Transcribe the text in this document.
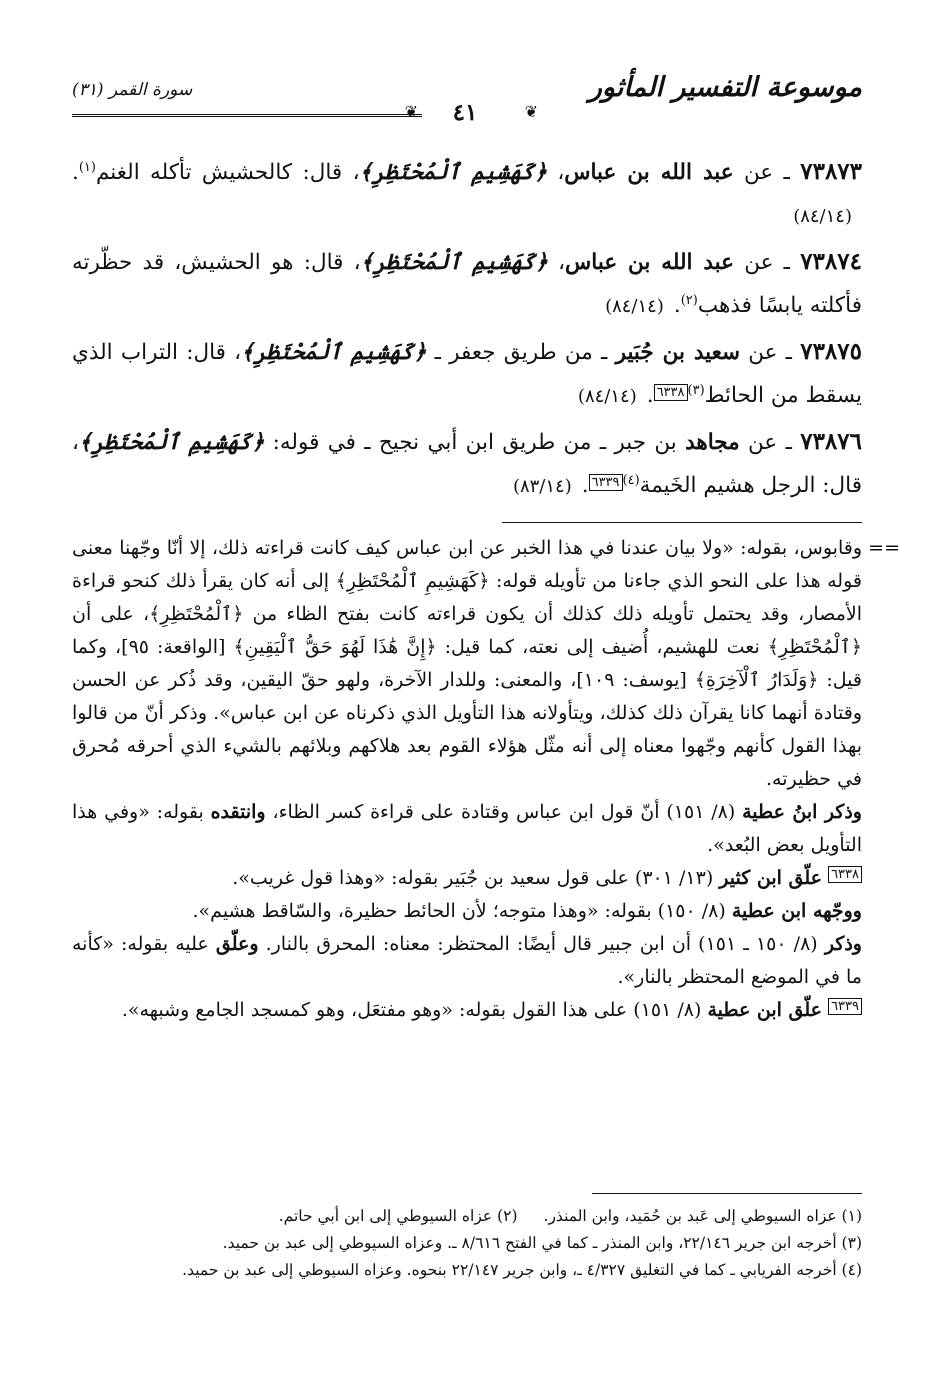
موسوعة التفسير المأثور
❦
٤١
❦
سورة القمر (٣١)

٧٣٨٧٣ ـ عن عبد الله بن عباس، ﴿كَهَشِيمِ ٱلْمُحْتَظِرِ﴾، قال: كالحشيش تأكله الغنم$^{(١)}$.(٨٤/١٤)

٧٣٨٧٤ ـ عن عبد الله بن عباس، ﴿كَهَشِيمِ ٱلْمُحْتَظِرِ﴾، قال: هو الحشيش، قد حظّرته فأكلته يابسًا فذهب$^{(٢)}$.(٨٤/١٤)

٧٣٨٧٥ ـ عن سعيد بن جُبَير ـ من طريق جعفر ـ ﴿كَهَشِيمِ ٱلْمُحْتَظِرِ﴾، قال: التراب الذي يسقط من الحائط$^{(٣)}$٦٣٣٨.(٨٤/١٤)

٧٣٨٧٦ ـ عن مجاهد بن جبر ـ من طريق ابن أبي نجيح ـ في قوله: ﴿كَهَشِيمِ ٱلْمُحْتَظِرِ﴾، قال: الرجل هشيم الخَيمة$^{(٤)}$٦٣٣٩.(٨٣/١٤)

==

وقابوس، بقوله: «ولا بيان عندنا في هذا الخبر عن ابن عباس كيف كانت قراءته ذلك، إلا أنّا وجّهنا معنى قوله هذا على النحو الذي جاءنا من تأويله قوله: ﴿كَهَشِيمِ ٱلْمُحْتَظِرِ﴾ إلى أنه كان يقرأ ذلك كنحو قراءة الأمصار، وقد يحتمل تأويله ذلك كذلك أن يكون قراءته كانت بفتح الظاء من ﴿ٱلْمُحْتَظِرِ﴾، على أن ﴿ٱلْمُحْتَظِرِ﴾ نعت للهشيم، أُضيف إلى نعته، كما قيل: ﴿إِنَّ هَٰذَا لَهُوَ حَقُّ ٱلْيَقِينِ﴾ [الواقعة: ٩٥]، وكما قيل: ﴿وَلَدَارُ ٱلْآخِرَةِ﴾ [يوسف: ١٠٩]، والمعنى: وللدار الآخرة، ولهو حقّ اليقين، وقد ذُكر عن الحسن وقتادة أنهما كانا يقرآن ذلك كذلك، ويتأولانه هذا التأويل الذي ذكرناه عن ابن عباس». وذكر أنّ من قالوا بهذا القول كأنهم وجّهوا معناه إلى أنه مثّل هؤلاء القوم بعد هلاكهم وبلائهم بالشيء الذي أحرقه مُحرق في حظيرته.

وذكر ابنُ عطية (٨/ ١٥١) أنّ قول ابن عباس وقتادة على قراءة كسر الظاء، وانتقده بقوله: «وفي هذا التأويل بعض البُعد».

٦٣٣٨ علّق ابن كثير (١٣/ ٣٠١) على قول سعيد بن جُبَير بقوله: «وهذا قول غريب».

ووجّهه ابن عطية (٨/ ١٥٠) بقوله: «وهذا متوجه؛ لأن الحائط حظيرة، والسّاقط هشيم».

وذكر (٨/ ١٥٠ ـ ١٥١) أن ابن جبير قال أيضًا: المحتظر: معناه: المحرق بالنار. وعلّق عليه بقوله: «كأنه ما في الموضع المحتظر بالنار».

٦٣٣٩ علّق ابن عطية (٨/ ١٥١) على هذا القول بقوله: «وهو مفتعَل، وهو كمسجد الجامع وشبهه».

(١) عزاه السيوطي إلى عَبد بن حُمَيد، وابن المنذر.(٢) عزاه السيوطي إلى ابن أبي حاتم.

(٣) أخرجه ابن جرير ٢٢/١٤٦، وابن المنذر ـ كما في الفتح ٨/٦١٦ ـ. وعزاه السيوطي إلى عبد بن حميد.

(٤) أخرجه الفريابي ـ كما في التغليق ٤/٣٢٧ ـ، وابن جرير ٢٢/١٤٧ بنحوه. وعزاه السيوطي إلى عبد بن حميد.
